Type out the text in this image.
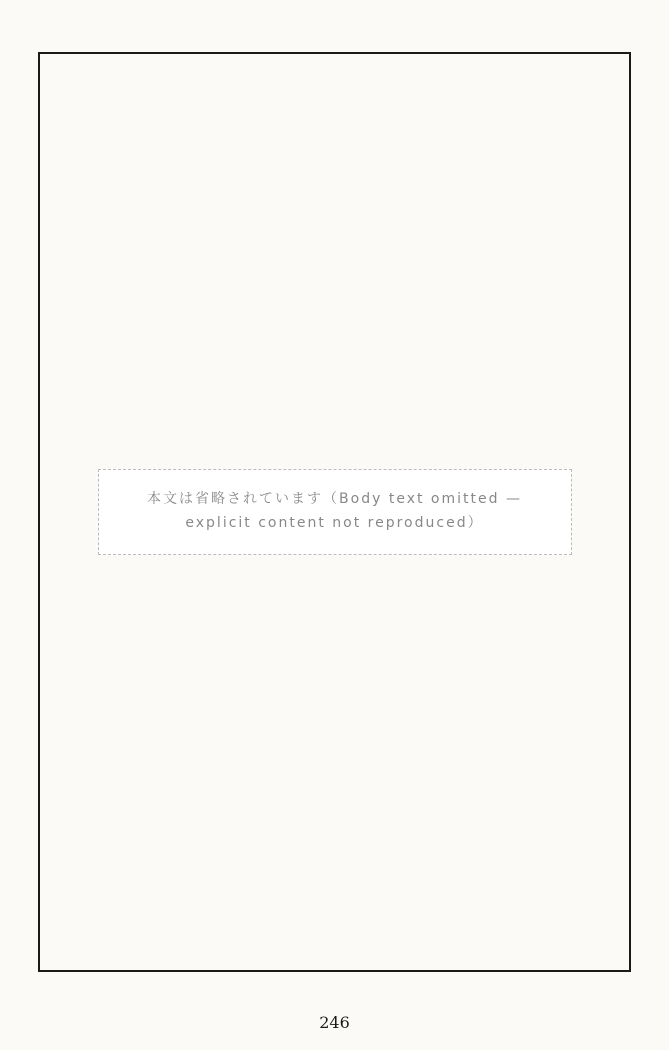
本文は省略されています（Body text omitted — explicit content not reproduced）
246
